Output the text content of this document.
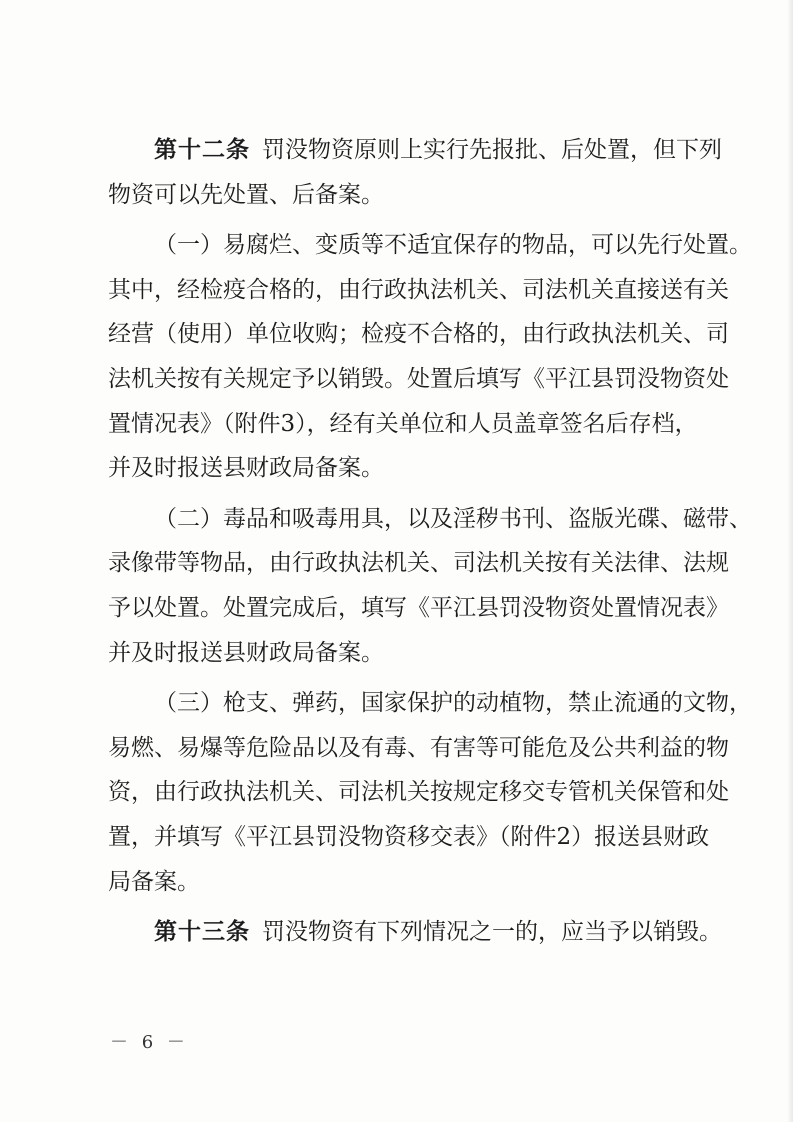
第十二条 罚没物资原则上实行先报批、后处置，但下列
物资可以先处置、后备案。
（一）易腐烂、变质等不适宜保存的物品，可以先行处置。
其中，经检疫合格的，由行政执法机关、司法机关直接送有关
经营（使用）单位收购；检疫不合格的，由行政执法机关、司
法机关按有关规定予以销毁。处置后填写《平江县罚没物资处
置情况表》（附件3），经有关单位和人员盖章签名后存档，
并及时报送县财政局备案。
（二）毒品和吸毒用具，以及淫秽书刊、盗版光碟、磁带、
录像带等物品，由行政执法机关、司法机关按有关法律、法规
予以处置。处置完成后，填写《平江县罚没物资处置情况表》
并及时报送县财政局备案。
（三）枪支、弹药，国家保护的动植物，禁止流通的文物，
易燃、易爆等危险品以及有毒、有害等可能危及公共利益的物
资，由行政执法机关、司法机关按规定移交专管机关保管和处
置，并填写《平江县罚没物资移交表》（附件2）报送县财政
局备案。
第十三条 罚没物资有下列情况之一的，应当予以销毁。
－ 6 －
